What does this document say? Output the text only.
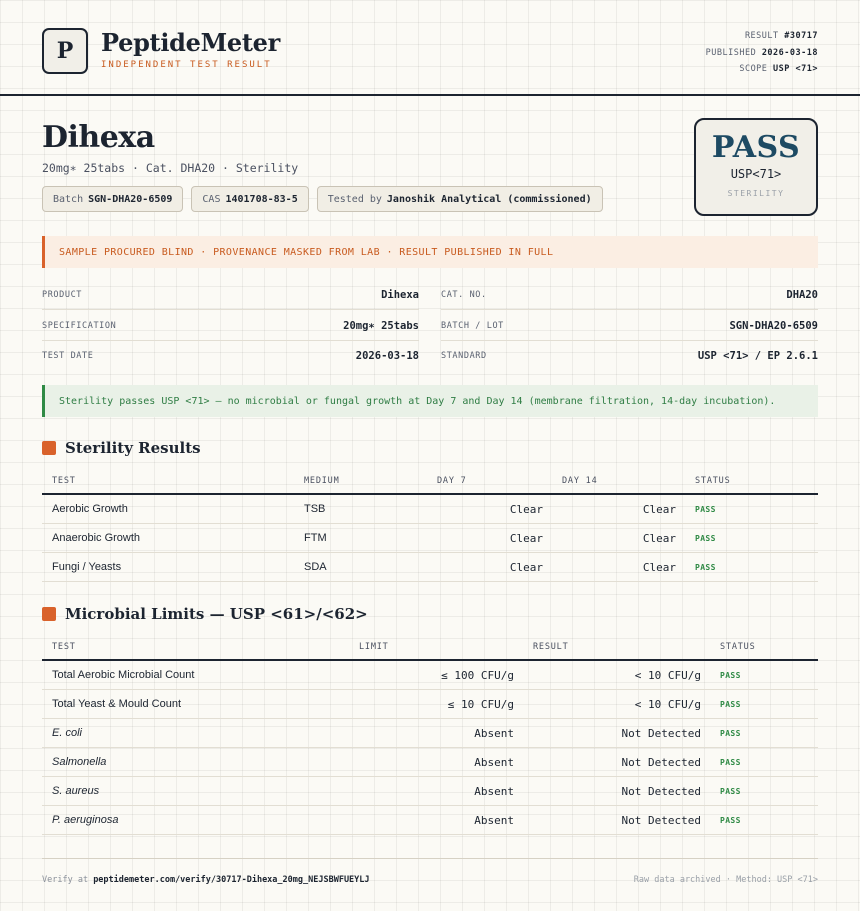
P	PeptideMeter
INDEPENDENT TEST RESULT
RESULT #30717
PUBLISHED 2026-03-18
SCOPE USP <71>
Dihexa
20mg∗ 25tabs · Cat. DHA20 · Sterility
Batch SGN-DHA20-6509	CAS 1401708-83-5	Tested by Janoshik Analytical (commissioned)
PASS
USP<71>
STERILITY
SAMPLE PROCURED BLIND · PROVENANCE MASKED FROM LAB · RESULT PUBLISHED IN FULL
PRODUCT	Dihexa	CAT. NO.	DHA20
SPECIFICATION	20mg∗ 25tabs	BATCH / LOT	SGN-DHA20-6509
TEST DATE	2026-03-18	STANDARD	USP <71> / EP 2.6.1
Sterility passes USP <71> — no microbial or fungal growth at Day 7 and Day 14 (membrane filtration, 14-day incubation).
Sterility Results
TEST	MEDIUM	DAY 7	DAY 14	STATUS
Aerobic Growth	TSB	Clear	Clear PASS
Anaerobic Growth	FTM	Clear	Clear PASS
Fungi / Yeasts	SDA	Clear	Clear PASS
Microbial Limits — USP <61>/<62>
TEST	LIMIT	RESULT	STATUS
Total Aerobic Microbial Count	≤ 100 CFU/g	< 10 CFU/g PASS
Total Yeast & Mould Count	≤ 10 CFU/g	< 10 CFU/g PASS
E. coli	Absent	Not Detected PASS
Salmonella	Absent	Not Detected PASS
S. aureus	Absent	Not Detected PASS
P. aeruginosa	Absent	Not Detected PASS
Verify at peptidemeter.com/verify/30717-Dihexa_20mg_NEJSBWFUEYLJ	Raw data archived · Method: USP <71>
